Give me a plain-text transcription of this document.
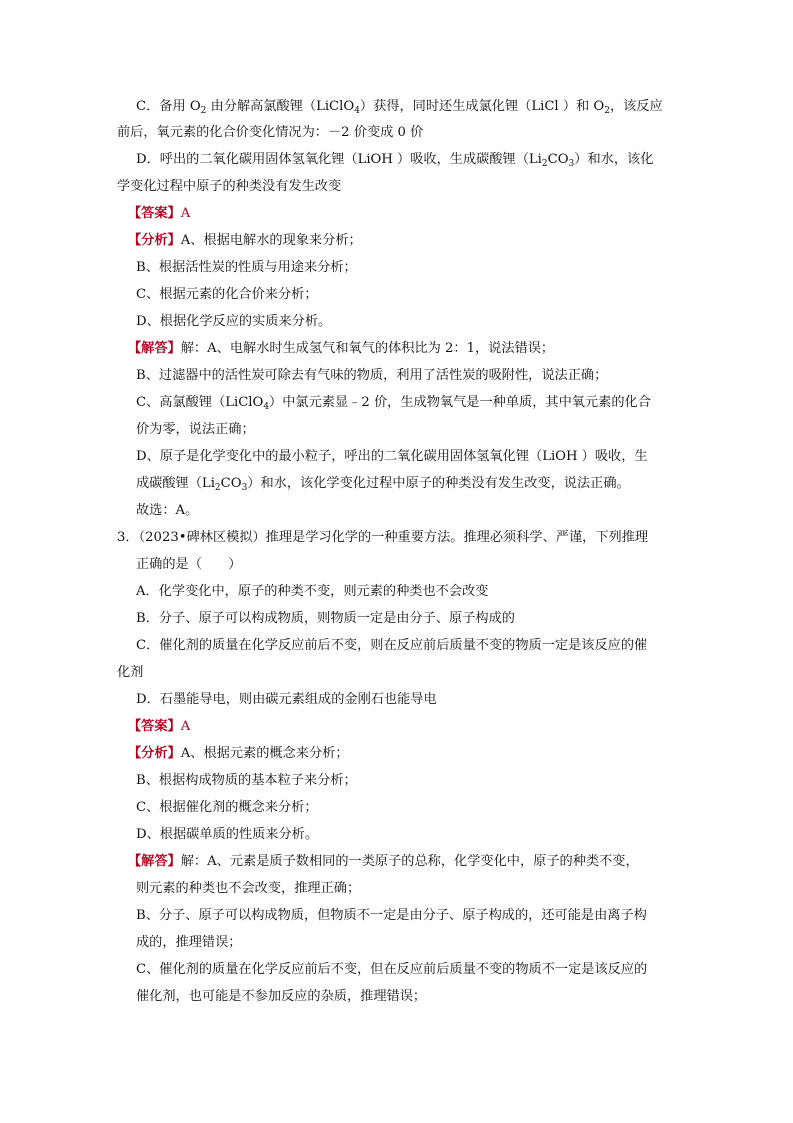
C．备用 $O_2$ 由分解高氯酸锂（LiClO$_4$）获得，同时还生成氯化锂（LiCl ）和 $O_2$，该反应
前后，氧元素的化合价变化情况为：－2 价变成 0 价
D．呼出的二氧化碳用固体氢氧化锂（LiOH ）吸收，生成碳酸锂$(Li_2CO_3)$和水，该化
学变化过程中原子的种类没有发生改变
【答案】A
【分析】A、根据电解水的现象来分析；
B、根据活性炭的性质与用途来分析；
C、根据元素的化合价来分析；
D、根据化学反应的实质来分析。
【解答】解：A、电解水时生成氢气和氧气的体积比为 2：1，说法错误；
B、过滤器中的活性炭可除去有气味的物质，利用了活性炭的吸附性，说法正确；
C、高氯酸锂（LiClO$_4$）中氯元素显﹣2 价，生成物氧气是一种单质，其中氧元素的化合
价为零，说法正确；
D、原子是化学变化中的最小粒子，呼出的二氧化碳用固体氢氧化锂（LiOH ）吸收，生
成碳酸锂$(Li_2CO_3)$和水，该化学变化过程中原子的种类没有发生改变，说法正确。
故选：A。
3．（2023•碑林区模拟）推理是学习化学的一种重要方法。推理必须科学、严谨，下列推理
正确的是（　　）
A．化学变化中，原子的种类不变，则元素的种类也不会改变
B．分子、原子可以构成物质，则物质一定是由分子、原子构成的
C．催化剂的质量在化学反应前后不变，则在反应前后质量不变的物质一定是该反应的催
化剂
D．石墨能导电，则由碳元素组成的金刚石也能导电
【答案】A
【分析】A、根据元素的概念来分析；
B、根据构成物质的基本粒子来分析；
C、根据催化剂的概念来分析；
D、根据碳单质的性质来分析。
【解答】解：A、元素是质子数相同的一类原子的总称，化学变化中，原子的种类不变，
则元素的种类也不会改变，推理正确；
B、分子、原子可以构成物质，但物质不一定是由分子、原子构成的，还可能是由离子构
成的，推理错误；
C、催化剂的质量在化学反应前后不变，但在反应前后质量不变的物质不一定是该反应的
催化剂，也可能是不参加反应的杂质，推理错误；
